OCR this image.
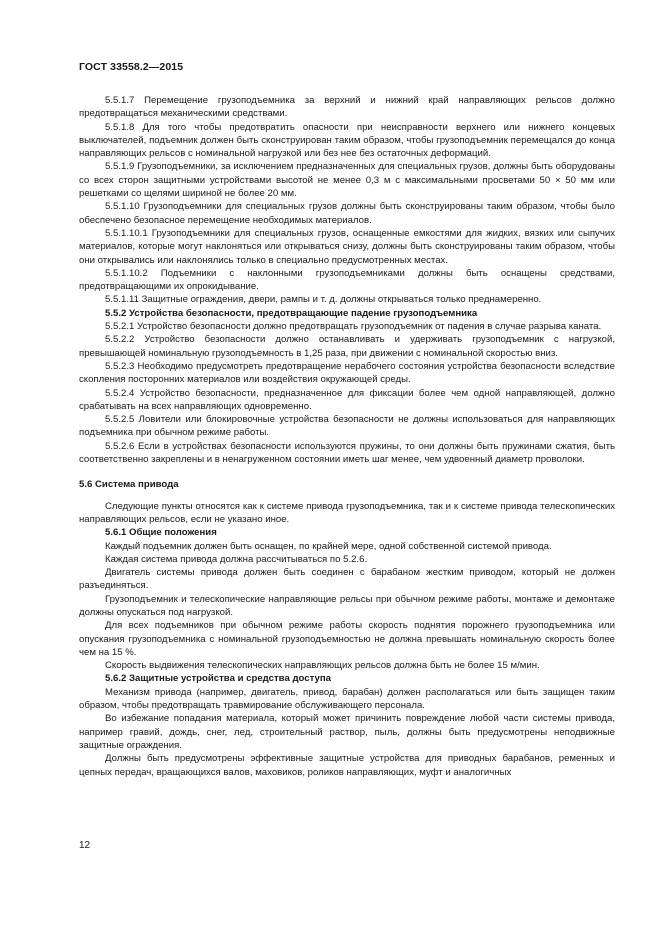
ГОСТ 33558.2—2015

5.5.1.7 Перемещение грузоподъемника за верхний и нижний край направляющих рельсов должно предотвращаться механическими средствами.

5.5.1.8 Для того чтобы предотвратить опасности при неисправности верхнего или нижнего концевых выключателей, подъемник должен быть сконструирован таким образом, чтобы грузоподъемник перемещался до конца направляющих рельсов с номинальной нагрузкой или без нее без остаточных деформаций.

5.5.1.9 Грузоподъемники, за исключением предназначенных для специальных грузов, должны быть оборудованы со всех сторон защитными устройствами высотой не менее 0,3 м с максимальными просветами 50 × 50 мм или решетками со щелями шириной не более 20 мм.

5.5.1.10 Грузоподъемники для специальных грузов должны быть сконструированы таким образом, чтобы было обеспечено безопасное перемещение необходимых материалов.

5.5.1.10.1 Грузоподъемники для специальных грузов, оснащенные емкостями для жидких, вязких или сыпучих материалов, которые могут наклоняться или открываться снизу, должны быть сконструированы таким образом, чтобы они открывались или наклонялись только в специально предусмотренных местах.

5.5.1.10.2 Подъемники с наклонными грузоподъемниками должны быть оснащены средствами, предотвращающими их опрокидывание.

5.5.1.11 Защитные ограждения, двери, рампы и т. д. должны открываться только преднамеренно.

5.5.2 Устройства безопасности, предотвращающие падение грузоподъемника

5.5.2.1 Устройство безопасности должно предотвращать грузоподъемник от падения в случае разрыва каната.

5.5.2.2 Устройство безопасности должно останавливать и удерживать грузоподъемник с нагрузкой, превышающей номинальную грузоподъемность в 1,25 раза, при движении с номинальной скоростью вниз.

5.5.2.3 Необходимо предусмотреть предотвращение нерабочего состояния устройства безопасности вследствие скопления посторонних материалов или воздействия окружающей среды.

5.5.2.4 Устройство безопасности, предназначенное для фиксации более чем одной направляющей, должно срабатывать на всех направляющих одновременно.

5.5.2.5 Ловители или блокировочные устройства безопасности не должны использоваться для направляющих подъемника при обычном режиме работы.

5.5.2.6 Если в устройствах безопасности используются пружины, то они должны быть пружинами сжатия, быть соответственно закреплены и в ненагруженном состоянии иметь шаг менее, чем удвоенный диаметр проволоки.

5.6 Система привода

Следующие пункты относятся как к системе привода грузоподъемника, так и к системе привода телескопических направляющих рельсов, если не указано иное.

5.6.1 Общие положения

Каждый подъемник должен быть оснащен, по крайней мере, одной собственной системой привода.

Каждая система привода должна рассчитываться по 5.2.6.

Двигатель системы привода должен быть соединен с барабаном жестким приводом, который не должен разъединяться.

Грузоподъемник и телескопические направляющие рельсы при обычном режиме работы, монтаже и демонтаже должны опускаться под нагрузкой.

Для всех подъемников при обычном режиме работы скорость поднятия порожнего грузоподъемника или опускания грузоподъемника с номинальной грузоподъемностью не должна превышать номинальную скорость более чем на 15 %.

Скорость выдвижения телескопических направляющих рельсов должна быть не более 15 м/мин.

5.6.2 Защитные устройства и средства доступа

Механизм привода (например, двигатель, привод, барабан) должен располагаться или быть защищен таким образом, чтобы предотвращать травмирование обслуживающего персонала.

Во избежание попадания материала, который может причинить повреждение любой части системы привода, например гравий, дождь, снег, лед, строительный раствор, пыль, должны быть предусмотрены неподвижные защитные ограждения.

Должны быть предусмотрены эффективные защитные устройства для приводных барабанов, ременных и цепных передач, вращающихся валов, маховиков, роликов направляющих, муфт и аналогичных

12
